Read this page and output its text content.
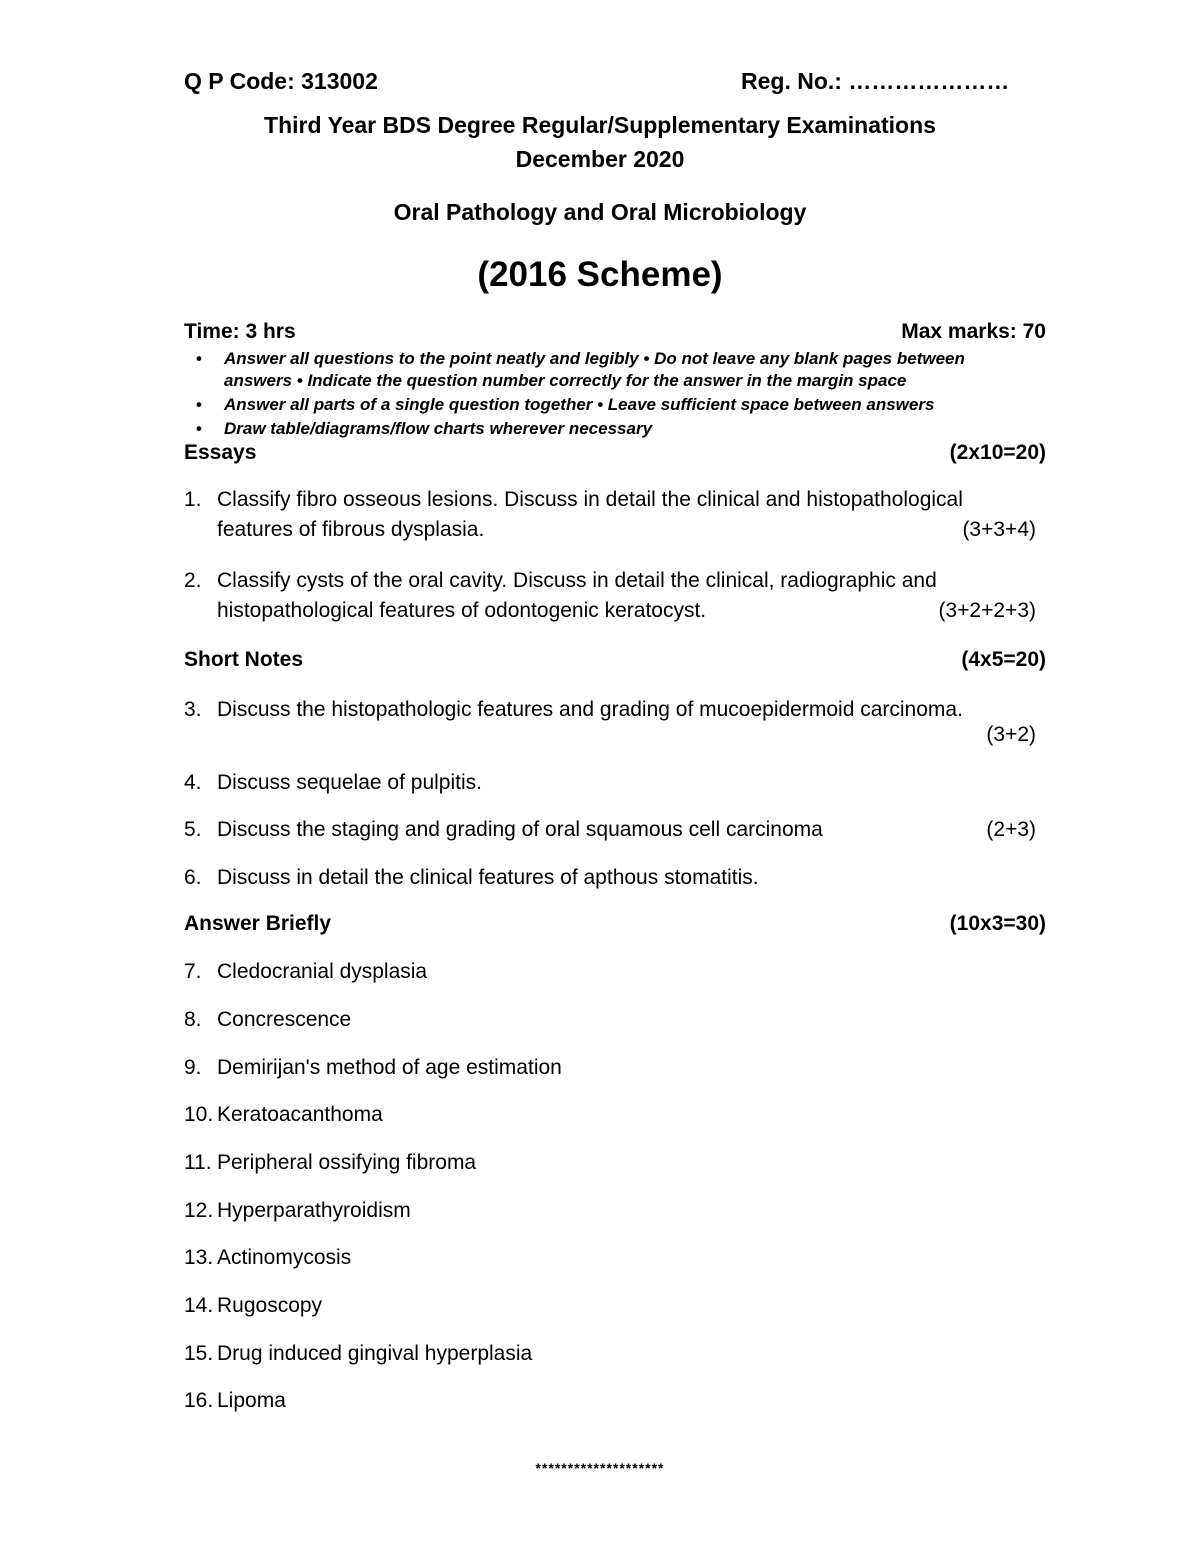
Q P Code: 313002	Reg. No.: …………………
Third Year BDS Degree Regular/Supplementary Examinations
December 2020
Oral Pathology and Oral Microbiology
(2016 Scheme)
Time: 3 hrs	Max marks: 70
• Answer all questions to the point neatly and legibly • Do not leave any blank pages between
answers • Indicate the question number correctly for the answer in the margin space
• Answer all parts of a single question together • Leave sufficient space between answers
• Draw table/diagrams/flow charts wherever necessary
Essays	(2x10=20)
1. Classify fibro osseous lesions. Discuss in detail the clinical and histopathological
features of fibrous dysplasia.	(3+3+4)
2. Classify cysts of the oral cavity. Discuss in detail the clinical, radiographic and
histopathological features of odontogenic keratocyst.	(3+2+2+3)
Short Notes	(4x5=20)
3. Discuss the histopathologic features and grading of mucoepidermoid carcinoma.
(3+2)
4. Discuss sequelae of pulpitis.
5. Discuss the staging and grading of oral squamous cell carcinoma	(2+3)
6. Discuss in detail the clinical features of apthous stomatitis.
Answer Briefly	(10x3=30)
7. Cledocranial dysplasia
8. Concrescence
9. Demirijan's method of age estimation
10. Keratoacanthoma
11. Peripheral ossifying fibroma
12. Hyperparathyroidism
13. Actinomycosis
14. Rugoscopy
15. Drug induced gingival hyperplasia
16. Lipoma
********************
